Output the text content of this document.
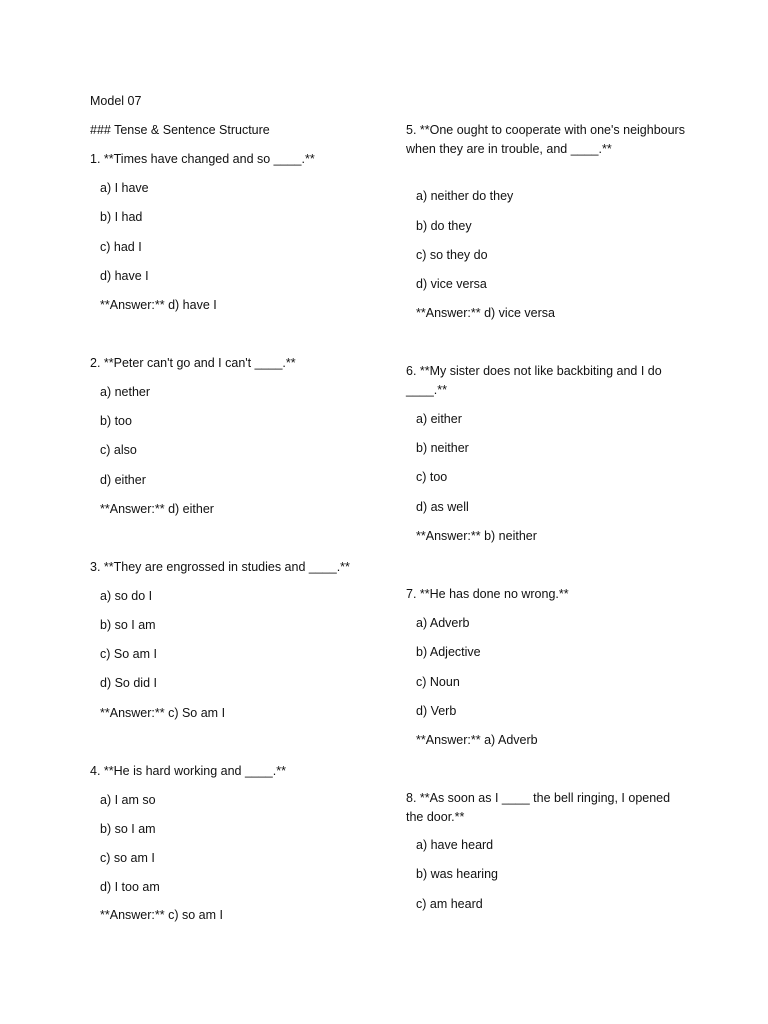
Model 07
### Tense & Sentence Structure
1. **Times have changed and so ____.**
a) I have
b) I had
c) had I
d) have I
**Answer:** d) have I
2. **Peter can't go and I can't ____.**
a) nether
b) too
c) also
d) either
**Answer:** d) either
3. **They are engrossed in studies and ____.**
a) so do I
b) so I am
c) So am I
d) So did I
**Answer:** c) So am I
4. **He is hard working and ____.**
a) I am so
b) so I am
c) so am I
d) I too am
**Answer:** c) so am I
5. **One ought to cooperate with one's neighbours when they are in trouble, and ____.**
a) neither do they
b) do they
c) so they do
d) vice versa
**Answer:** d) vice versa
6. **My sister does not like backbiting and I do ____.**
a) either
b) neither
c) too
d) as well
**Answer:** b) neither
7. **He has done no wrong.**
a) Adverb
b) Adjective
c) Noun
d) Verb
**Answer:** a) Adverb
8. **As soon as I ____ the bell ringing, I opened the door.**
a) have heard
b) was hearing
c) am heard
